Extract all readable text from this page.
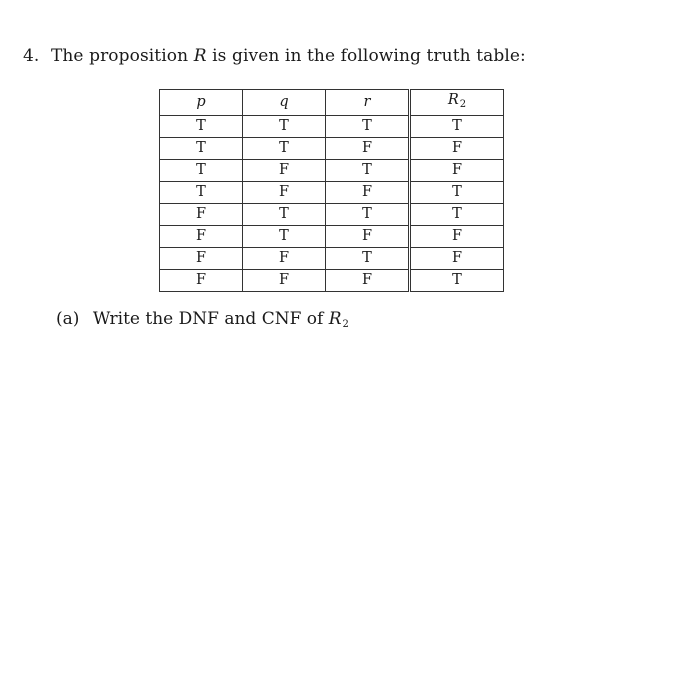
4. The proposition R is given in the following truth table:
p	q	r	$R_2$
T	T	T	T
T	T	F	F
T	F	T	F
T	F	F	T
F	T	T	T
F	T	F	F
F	F	T	F
F	F	F	T
(a) Write the DNF and CNF of $R_2$
